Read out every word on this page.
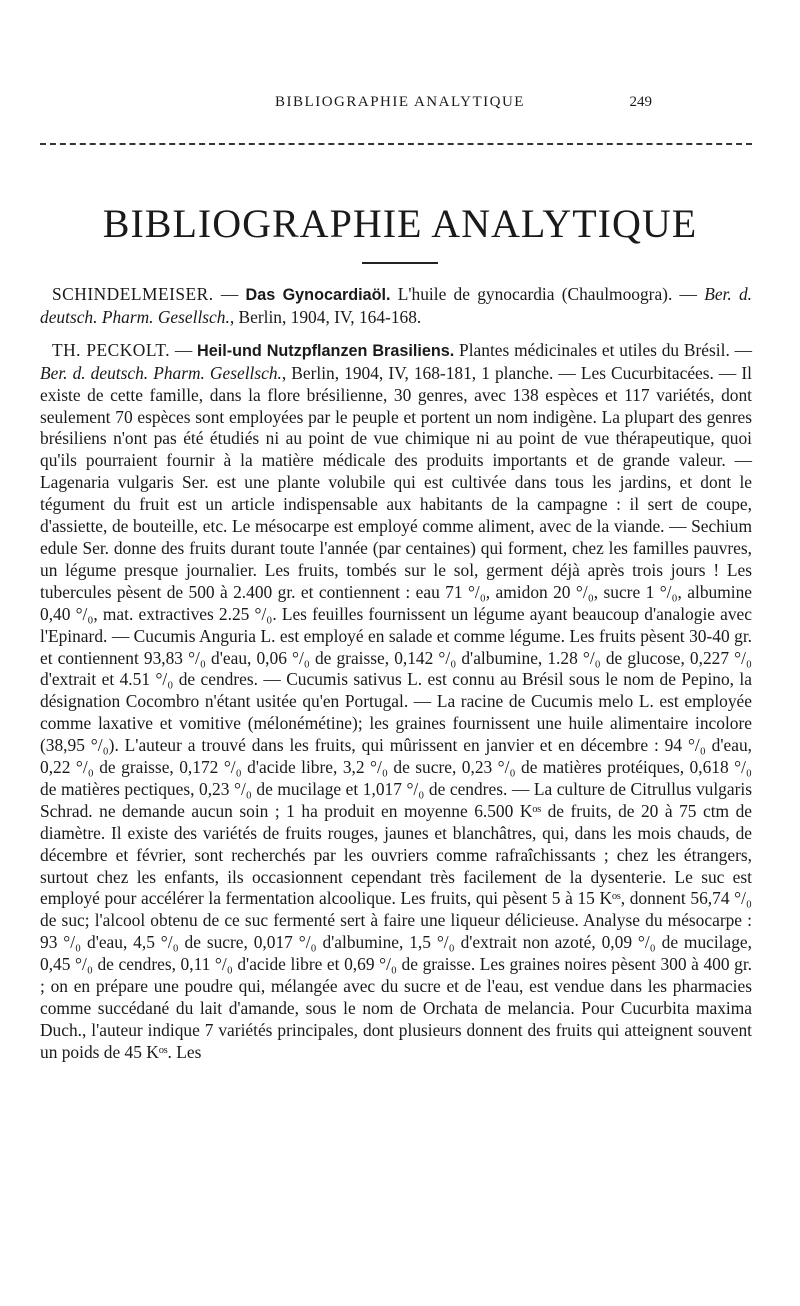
BIBLIOGRAPHIE ANALYTIQUE	249
BIBLIOGRAPHIE ANALYTIQUE

SCHINDELMEISER. — Das Gynocardiaöl. L'huile de gynocardia (Chaulmoogra). — Ber. d. deutsch. Pharm. Gesellsch., Berlin, 1904, IV, 164-168.

TH. PECKOLT. — Heil-und Nutzpflanzen Brasiliens. Plantes médicinales et utiles du Brésil. — Ber. d. deutsch. Pharm. Gesellsch., Berlin, 1904, IV, 168-181, 1 planche. — Les Cucurbitacées. — Il existe de cette famille, dans la flore brésilienne, 30 genres, avec 138 espèces et 117 variétés, dont seulement 70 espèces sont employées par le peuple et portent un nom indigène. La plupart des genres brésiliens n'ont pas été étudiés ni au point de vue chimique ni au point de vue thérapeutique, quoi qu'ils pourraient fournir à la matière médicale des produits importants et de grande valeur. — Lagenaria vulgaris Ser. est une plante volubile qui est cultivée dans tous les jardins, et dont le tégument du fruit est un article indispensable aux habitants de la campagne : il sert de coupe, d'assiette, de bouteille, etc. Le mésocarpe est employé comme aliment, avec de la viande. — Sechium edule Ser. donne des fruits durant toute l'année (par centaines) qui forment, chez les familles pauvres, un légume presque journalier. Les fruits, tombés sur le sol, germent déjà après trois jours ! Les tubercules pèsent de 500 à 2.400 gr. et contiennent : eau 71 °/₀, amidon 20 °/₀, sucre 1 °/₀, albumine 0,40 °/₀, mat. extractives 2.25 °/₀. Les feuilles fournissent un légume ayant beaucoup d'analogie avec l'Epinard. — Cucumis Anguria L. est employé en salade et comme légume. Les fruits pèsent 30-40 gr. et contiennent 93,83 °/₀ d'eau, 0,06 °/₀ de graisse, 0,142 °/₀ d'albumine, 1.28 °/₀ de glucose, 0,227 °/₀ d'extrait et 4.51 °/₀ de cendres. — Cucumis sativus L. est connu au Brésil sous le nom de Pepino, la désignation Cocombro n'étant usitée qu'en Portugal. — La racine de Cucumis melo L. est employée comme laxative et vomitive (mélonémétine); les graines fournissent une huile alimentaire incolore (38,95 °/₀). L'auteur a trouvé dans les fruits, qui mûrissent en janvier et en décembre : 94 °/₀ d'eau, 0,22 °/₀ de graisse, 0,172 °/₀ d'acide libre, 3,2 °/₀ de sucre, 0,23 °/₀ de matières protéiques, 0,618 °/₀ de matières pectiques, 0,23 °/₀ de mucilage et 1,017 °/₀ de cendres. — La culture de Citrullus vulgaris Schrad. ne demande aucun soin ; 1 ha produit en moyenne 6.500 Kᵒˢ de fruits, de 20 à 75 ctm de diamètre. Il existe des variétés de fruits rouges, jaunes et blanchâtres, qui, dans les mois chauds, de décembre et février, sont recherchés par les ouvriers comme rafraîchissants ; chez les étrangers, surtout chez les enfants, ils occasionnent cependant très facilement de la dysenterie. Le suc est employé pour accélérer la fermentation alcoolique. Les fruits, qui pèsent 5 à 15 Kᵒˢ, donnent 56,74 °/₀ de suc; l'alcool obtenu de ce suc fermenté sert à faire une liqueur délicieuse. Analyse du mésocarpe : 93 °/₀ d'eau, 4,5 °/₀ de sucre, 0,017 °/₀ d'albumine, 1,5 °/₀ d'extrait non azoté, 0,09 °/₀ de mucilage, 0,45 °/₀ de cendres, 0,11 °/₀ d'acide libre et 0,69 °/₀ de graisse. Les graines noires pèsent 300 à 400 gr. ; on en prépare une poudre qui, mélangée avec du sucre et de l'eau, est vendue dans les pharmacies comme succédané du lait d'amande, sous le nom de Orchata de melancia. Pour Cucurbita maxima Duch., l'auteur indique 7 variétés principales, dont plusieurs donnent des fruits qui atteignent souvent un poids de 45 Kᵒˢ. Les
